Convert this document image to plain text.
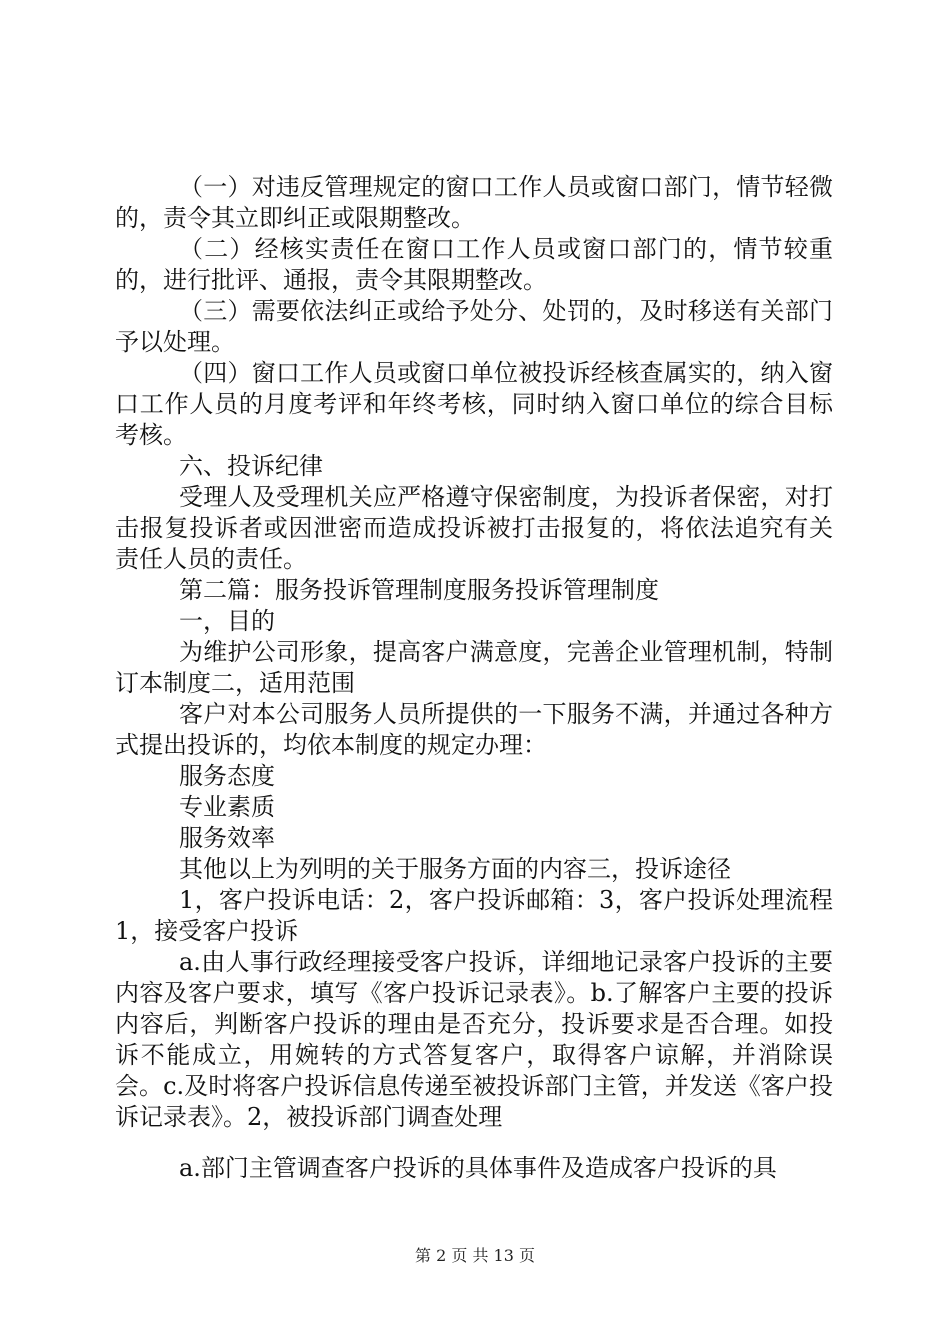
（一）对违反管理规定的窗口工作人员或窗口部门，情节轻微的，责令其立即纠正或限期整改。

（二）经核实责任在窗口工作人员或窗口部门的，情节较重的，进行批评、通报，责令其限期整改。

（三）需要依法纠正或给予处分、处罚的，及时移送有关部门予以处理。

（四）窗口工作人员或窗口单位被投诉经核查属实的，纳入窗口工作人员的月度考评和年终考核，同时纳入窗口单位的综合目标考核。

六、投诉纪律

受理人及受理机关应严格遵守保密制度，为投诉者保密，对打击报复投诉者或因泄密而造成投诉被打击报复的，将依法追究有关责任人员的责任。

第二篇：服务投诉管理制度服务投诉管理制度

一，目的

为维护公司形象，提高客户满意度，完善企业管理机制，特制订本制度二，适用范围

客户对本公司服务人员所提供的一下服务不满，并通过各种方式提出投诉的，均依本制度的规定办理：

服务态度

专业素质

服务效率

其他以上为列明的关于服务方面的内容三，投诉途径

1，客户投诉电话：2，客户投诉邮箱：3，客户投诉处理流程 1，接受客户投诉

a.由人事行政经理接受客户投诉，详细地记录客户投诉的主要内容及客户要求，填写《客户投诉记录表》。b.了解客户主要的投诉内容后，判断客户投诉的理由是否充分，投诉要求是否合理。如投诉不能成立，用婉转的方式答复客户，取得客户谅解，并消除误会。c.及时将客户投诉信息传递至被投诉部门主管，并发送《客户投诉记录表》。2，被投诉部门调查处理

a.部门主管调查客户投诉的具体事件及造成客户投诉的具

第 2 页 共 13 页
